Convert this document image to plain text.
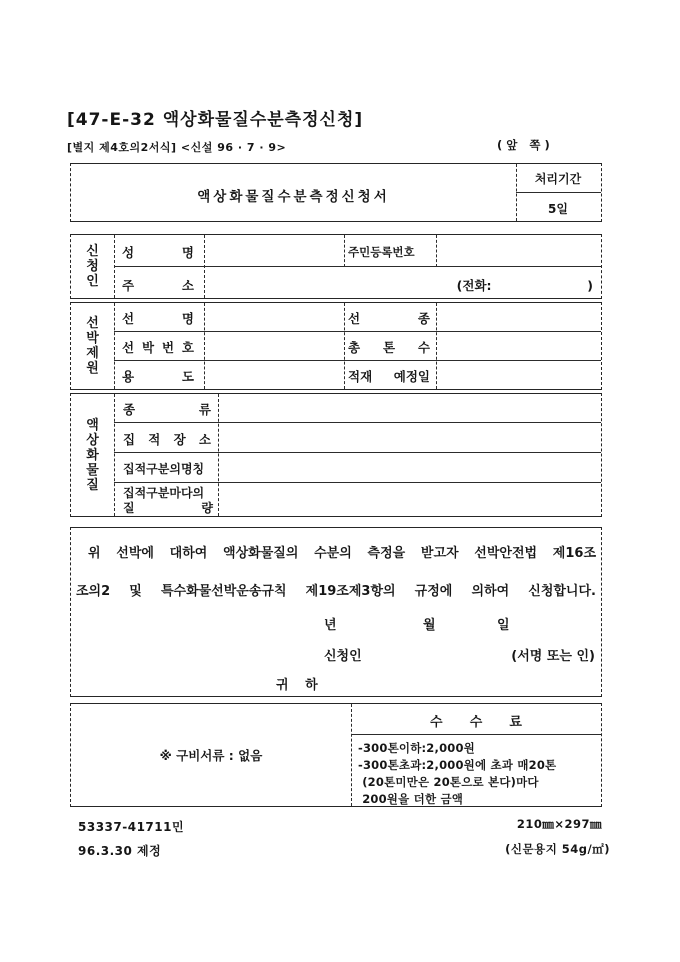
[47-E-32 액상화물질수분측정신청]
[별지 제4호의2서식] <신설 96 · 7 · 9>	(앞 쪽)
액상화물질수분측정신청서
처리기간
5일
신청인
성 명	주민등록번호
주 소	(전화:                      )
선박제원
선 명	선 종
선 박 번 호	총 톤 수
용 도	적재 예정일
액상화물질
종 류
집 적 장 소
집적구분의명칭
집적구분마다의
질 량
위 선박에 대하여 액상화물질의 수분의 측정을 받고자 선박안전법 제16조
조의2 및 특수화물선박운송규칙 제19조제3항의 규정에 의하여 신청합니다.
년	월	일
신청인	(서명 또는 인)
귀 하
※ 구비서류 : 없음
수      수      료
-300톤이하:2,000원
-300톤초과:2,000원에 초과 매20톤
(20톤미만은 20톤으로 본다)마다
200원을 더한 금액
53337-41711민
96.3.30 제정
210㎜×297㎜
(신문용지 54g/㎡)
